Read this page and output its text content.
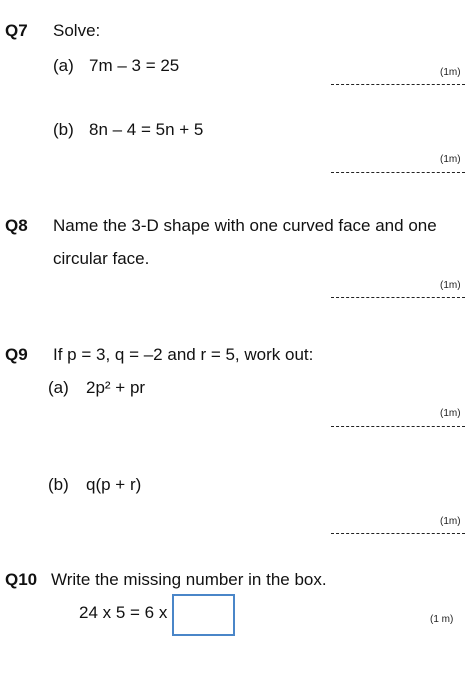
Q7 Solve:
(a) 7m – 3 = 25	(1m)
(b) 8n – 4 = 5n + 5
(1m)
Q8 Name the 3-D shape with one curved face and one
circular face.
(1m)
Q9 If p = 3, q = –2 and r = 5, work out:
(a) 2p² + pr
(1m)
(b) q(p + r)
(1m)
Q10 Write the missing number in the box.
24 x 5 = 6 x	(1 m)
